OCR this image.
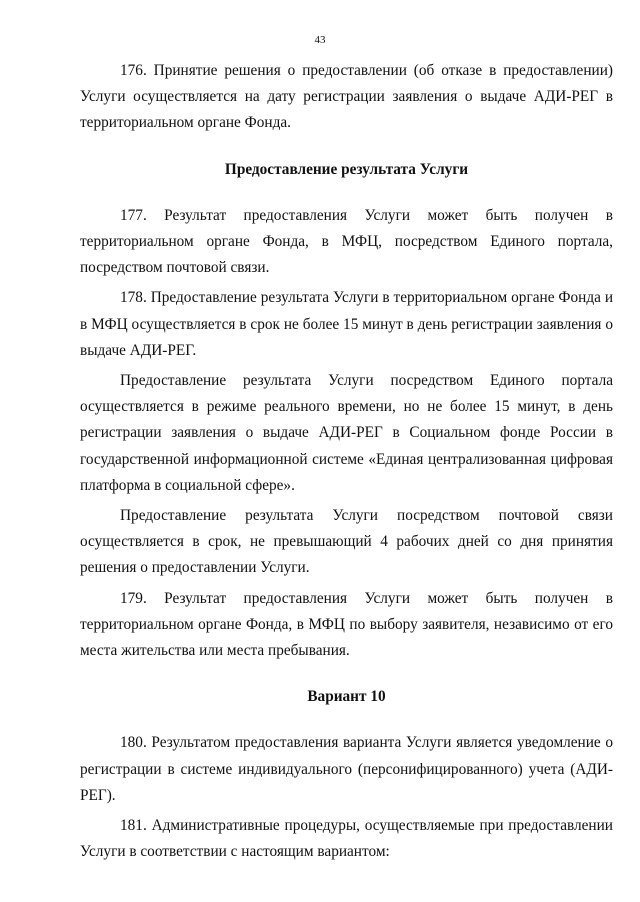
43

176. Принятие решения о предоставлении (об отказе в предоставлении) Услуги осуществляется на дату регистрации заявления о выдаче АДИ-РЕГ в территориальном органе Фонда.

Предоставление результата Услуги

177. Результат предоставления Услуги может быть получен в территориальном органе Фонда, в МФЦ, посредством Единого портала, посредством почтовой связи.

178. Предоставление результата Услуги в территориальном органе Фонда и в МФЦ осуществляется в срок не более 15 минут в день регистрации заявления о выдаче АДИ-РЕГ.

Предоставление результата Услуги посредством Единого портала осуществляется в режиме реального времени, но не более 15 минут, в день регистрации заявления о выдаче АДИ-РЕГ в Социальном фонде России в государственной информационной системе «Единая централизованная цифровая платформа в социальной сфере».

Предоставление результата Услуги посредством почтовой связи осуществляется в срок, не превышающий 4 рабочих дней со дня принятия решения о предоставлении Услуги.

179. Результат предоставления Услуги может быть получен в территориальном органе Фонда, в МФЦ по выбору заявителя, независимо от его места жительства или места пребывания.

Вариант 10

180. Результатом предоставления варианта Услуги является уведомление о регистрации в системе индивидуального (персонифицированного) учета (АДИ-РЕГ).

181. Административные процедуры, осуществляемые при предоставлении Услуги в соответствии с настоящим вариантом:
